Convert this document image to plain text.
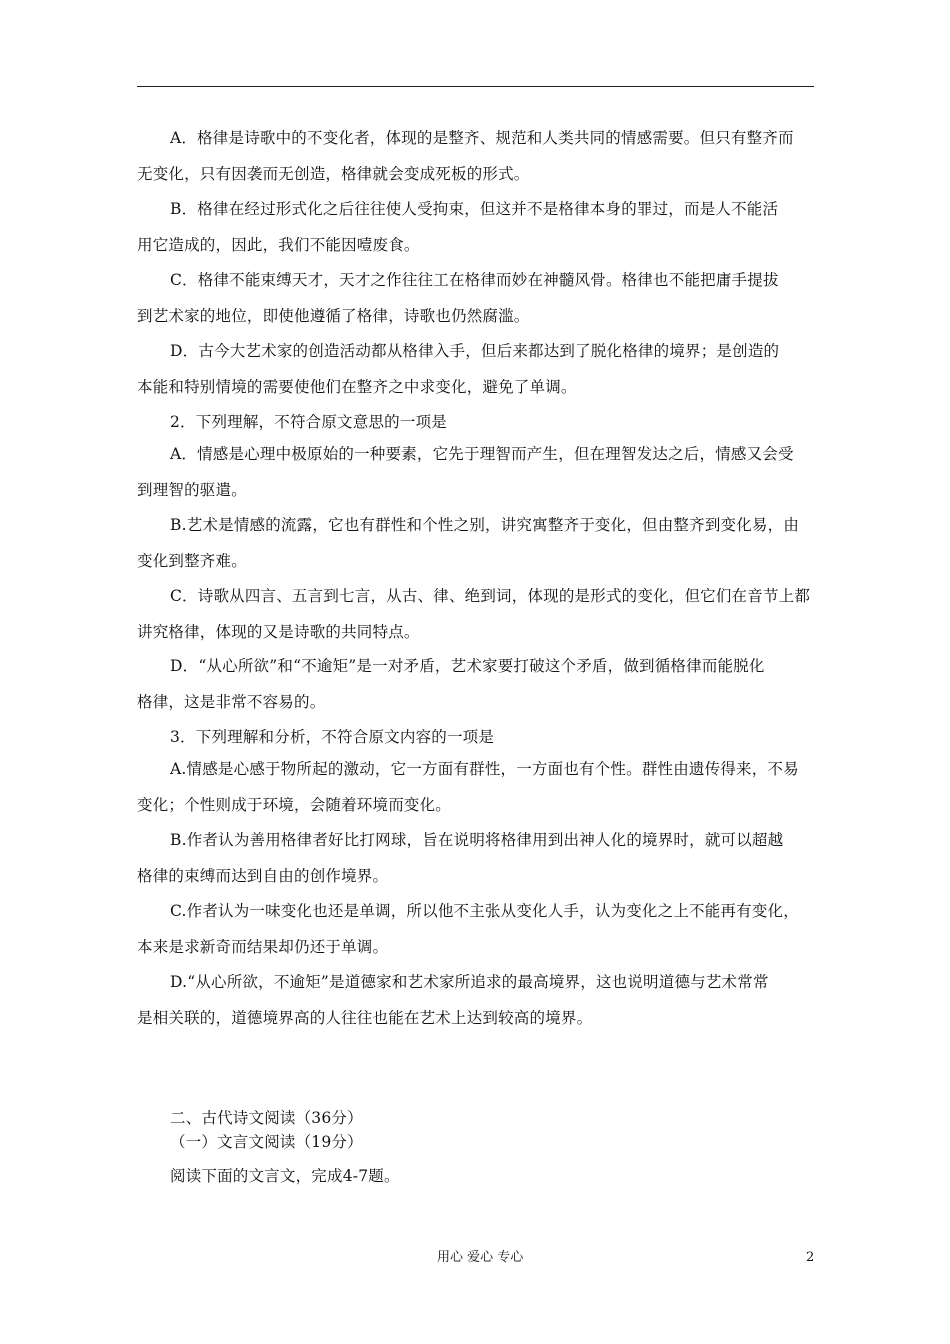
A．格律是诗歌中的不变化者，体现的是整齐、规范和人类共同的情感需要。但只有整齐而
无变化，只有因袭而无创造，格律就会变成死板的形式。
B．格律在经过形式化之后往往使人受拘束，但这并不是格律本身的罪过，而是人不能活
用它造成的，因此，我们不能因噎废食。
C．格律不能束缚天才，天才之作往往工在格律而妙在神髓风骨。格律也不能把庸手提拔
到艺术家的地位，即使他遵循了格律，诗歌也仍然腐滥。
D．古今大艺术家的创造活动都从格律入手，但后来都达到了脱化格律的境界；是创造的
本能和特别情境的需要使他们在整齐之中求变化，避免了单调。
2．下列理解，不符合原文意思的一项是
A．情感是心理中极原始的一种要素，它先于理智而产生，但在理智发达之后，情感又会受
到理智的驱遣。
B.艺术是情感的流露，它也有群性和个性之别，讲究寓整齐于变化，但由整齐到变化易，由
变化到整齐难。
C．诗歌从四言、五言到七言，从古、律、绝到词，体现的是形式的变化，但它们在音节上都
讲究格律，体现的又是诗歌的共同特点。
D．“从心所欲”和“不逾矩”是一对矛盾，艺术家要打破这个矛盾，做到循格律而能脱化
格律，这是非常不容易的。
3．下列理解和分析，不符合原文内容的一项是
A.情感是心感于物所起的激动，它一方面有群性，一方面也有个性。群性由遗传得来，不易
变化；个性则成于环境，会随着环境而变化。
B.作者认为善用格律者好比打网球，旨在说明将格律用到出神人化的境界时，就可以超越
格律的束缚而达到自由的创作境界。
C.作者认为一味变化也还是单调，所以他不主张从变化人手，认为变化之上不能再有变化，
本来是求新奇而结果却仍还于单调。
D.“从心所欲，不逾矩”是道德家和艺术家所追求的最高境界，这也说明道德与艺术常常
是相关联的，道德境界高的人往往也能在艺术上达到较高的境界。
二、古代诗文阅读（36分）
（一）文言文阅读（19分）
阅读下面的文言文，完成4-7题。
用心 爱心 专心	2
